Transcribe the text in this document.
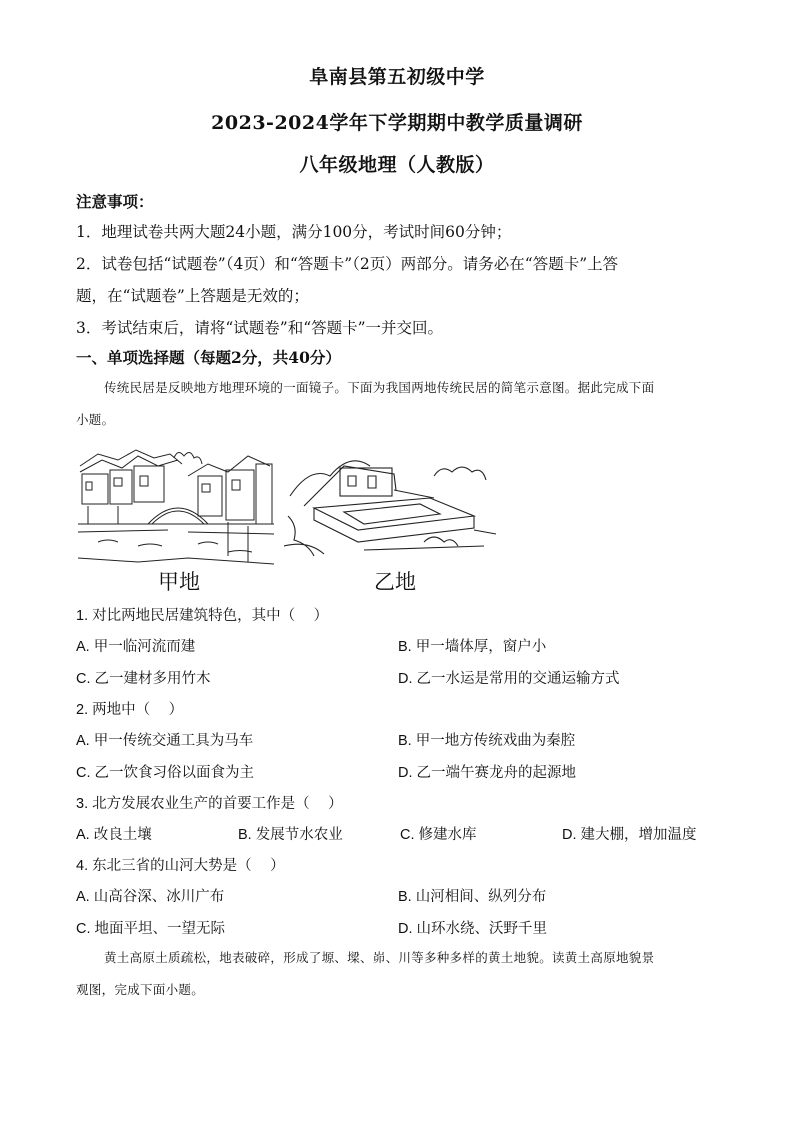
阜南县第五初级中学
2023-2024学年下学期期中教学质量调研
八年级地理（人教版）
注意事项：
1．地理试卷共两大题24小题，满分100分，考试时间60分钟；
2．试卷包括“试题卷”（4页）和“答题卡”（2页）两部分。请务必在“答题卡”上答
题，在“试题卷”上答题是无效的；
3．考试结束后，请将“试题卷”和“答题卡”一并交回。
一、单项选择题（每题2分，共40分）
传统民居是反映地方地理环境的一面镜子。下面为我国两地传统民居的简笔示意图。据此完成下面
小题。
甲地	乙地
1. 对比两地民居建筑特色，其中（　 ）
A. 甲一临河流而建	B. 甲一墙体厚，窗户小
C. 乙一建材多用竹木	D. 乙一水运是常用的交通运输方式
2. 两地中（　 ）
A. 甲一传统交通工具为马车	B. 甲一地方传统戏曲为秦腔
C. 乙一饮食习俗以面食为主	D. 乙一端午赛龙舟的起源地
3. 北方发展农业生产的首要工作是（　 ）
A. 改良土壤	B. 发展节水农业	C. 修建水库	D. 建大棚，增加温度
4. 东北三省的山河大势是（　 ）
A. 山高谷深、冰川广布	B. 山河相间、纵列分布
C. 地面平坦、一望无际	D. 山环水绕、沃野千里
黄土高原土质疏松，地表破碎，形成了塬、墚、峁、川等多种多样的黄土地貌。读黄土高原地貌景
观图，完成下面小题。
